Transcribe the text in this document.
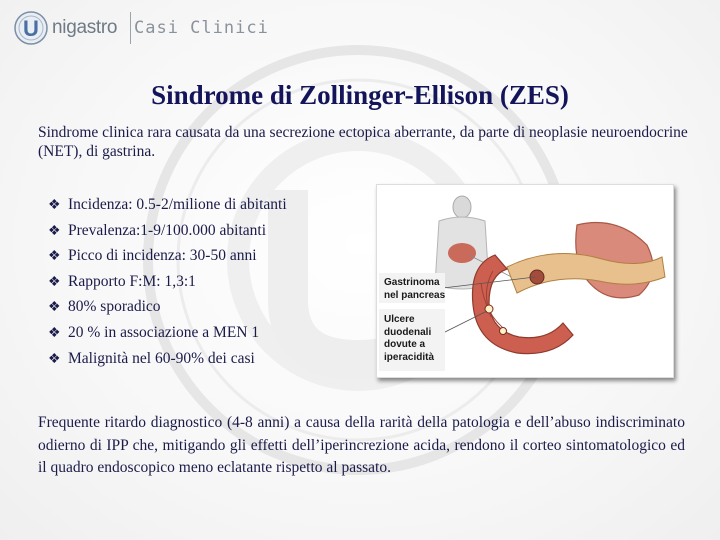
U nigastro Casi Clinici
Sindrome di Zollinger-Ellison (ZES)
Sindrome clinica rara causata da una secrezione ectopica aberrante, da parte di neoplasie neuroendocrine (NET), di gastrina.
❖ Incidenza: 0.5-2/milione di abitanti
❖ Prevalenza:1-9/100.000 abitanti
❖ Picco di incidenza: 30-50 anni
❖ Rapporto F:M: 1,3:1
❖ 80% sporadico
❖ 20 % in associazione a MEN 1
❖ Malignità nel 60-90% dei casi
Gastrinoma
nel pancreas
Ulcere
duodenali
dovute a
iperacidità
Frequente ritardo diagnostico (4-8 anni) a causa della rarità della patologia e dell’abuso indiscriminato odierno di IPP che, mitigando gli effetti dell’iperincrezione acida, rendono il corteo sintomatologico ed il quadro endoscopico meno eclatante rispetto al passato.
